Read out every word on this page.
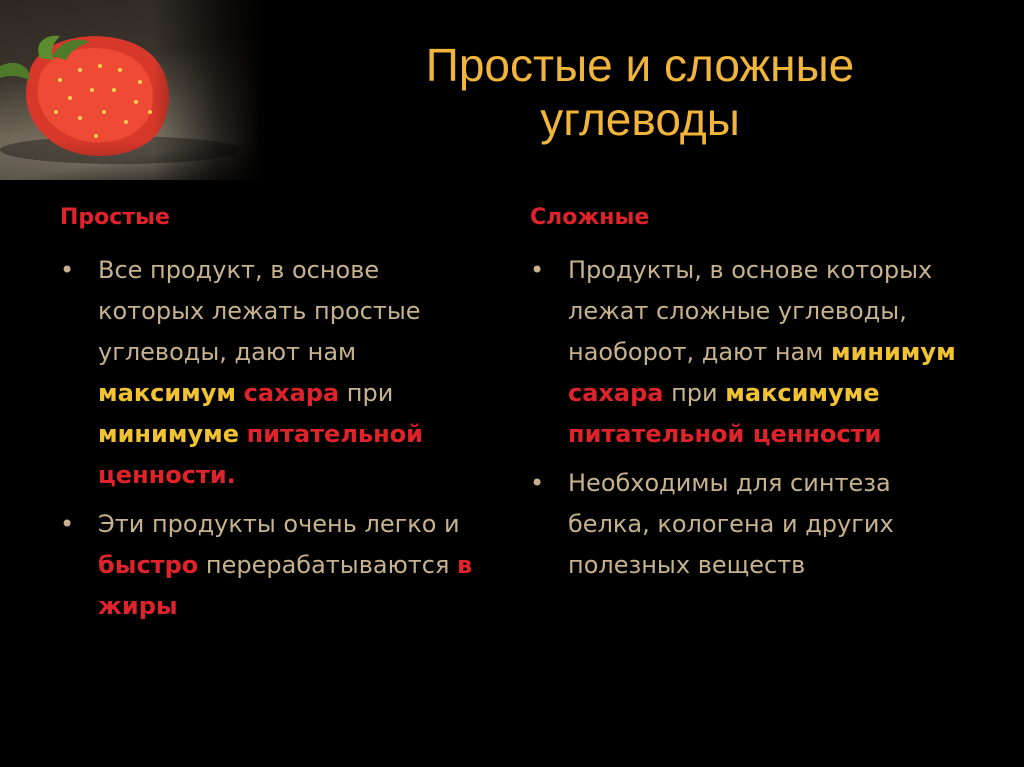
Простые и сложные
углеводы
Простые
• Все продукт, в основе которых лежать простые углеводы, дают нам максимум сахара при минимуме питательной ценности.
• Эти продукты очень легко и быстро перерабатываются в жиры
Сложные
• Продукты, в основе которых лежат сложные углеводы, наоборот, дают нам минимум сахара при максимуме питательной ценности
• Необходимы для синтеза белка, кологена и других полезных веществ
